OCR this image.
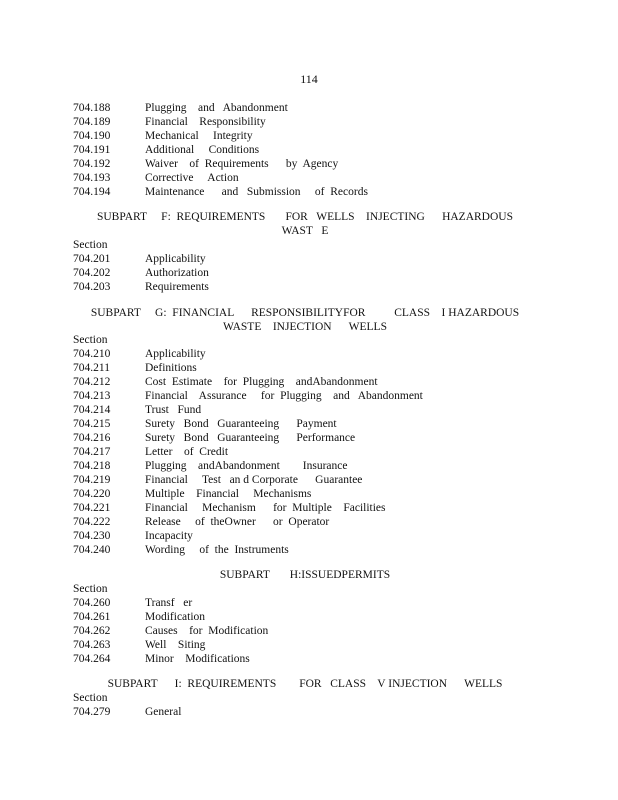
114
704.188	Plugging    and   Abandonment
704.189	Financial    Responsibility
704.190	Mechanical     Integrity
704.191	Additional     Conditions
704.192	Waiver    of  Requirements      by  Agency
704.193	Corrective     Action
704.194	Maintenance      and   Submission     of  Records
SUBPART     F:  REQUIREMENTS       FOR   WELLS    INJECTING      HAZARDOUS
WAST   E
Section
704.201	Applicability
704.202	Authorization
704.203	Requirements
SUBPART     G:  FINANCIAL      RESPONSIBILITYFOR          CLASS    I HAZARDOUS
WASTE    INJECTION      WELLS
Section
704.210	Applicability
704.211	Definitions
704.212	Cost  Estimate    for  Plugging    andAbandonment
704.213	Financial    Assurance     for  Plugging    and   Abandonment
704.214	Trust   Fund
704.215	Surety   Bond   Guaranteeing      Payment
704.216	Surety   Bond   Guaranteeing      Performance
704.217	Letter    of  Credit
704.218	Plugging    andAbandonment        Insurance
704.219	Financial     Test   an d Corporate      Guarantee
704.220	Multiple    Financial     Mechanisms
704.221	Financial     Mechanism      for  Multiple    Facilities
704.222	Release     of  theOwner      or  Operator
704.230	Incapacity
704.240	Wording     of  the  Instruments
SUBPART       H:ISSUEDPERMITS
Section
704.260	Transf   er
704.261	Modification
704.262	Causes    for  Modification
704.263	Well    Siting
704.264	Minor    Modifications
SUBPART      I:  REQUIREMENTS        FOR   CLASS    V INJECTION      WELLS
Section
704.279	General
